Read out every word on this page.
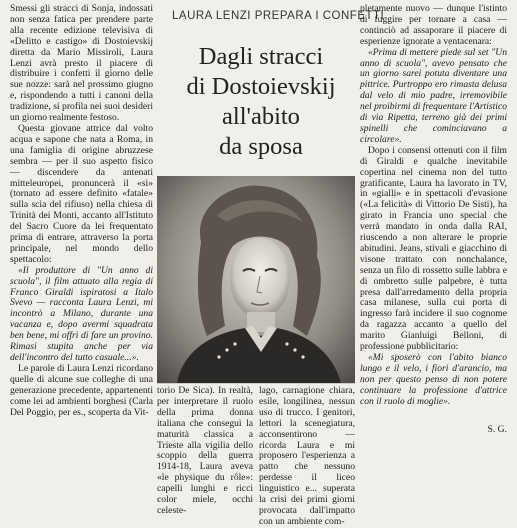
Smessi gli stracci di Sonja, indossati non senza fatica per prendere parte alla recente edizione televisiva di «Delitto e castigo» di Dostoievskij diretta da Mario Missiroli, Laura Lenzi avrà presto il piacere di distribuire i confetti il giorno delle sue nozze: sarà nel prossimo giugno e, rispondendo a tutti i canoni della tradizione, si profila nei suoi desideri un giorno realmente festoso.

Questa giovane attrice dal volto acqua e sapone che nata a Roma, in una famiglia di origine abruzzese sembra — per il suo aspetto fisico — discendere da antenati mitteleuropei, pronuncerà il «sì» (tornato ad essere definito «fatale» sulla scia del rifiuso) nella chiesa di Trinità dei Monti, accanto all'Istituto del Sacro Cuore da lei frequentato prima di entrare, attraverso la porta principale, nel mondo dello spettacolo:

«Il produttore di "Un anno di scuola", il film attuato alla regia di Franco Giraldi ispiratosi a Italo Svevo — racconta Laura Lenzi, mi incontrò a Milano, durante una vacanza e, dopo avermi squadrata ben bene, mi offrì di fare un provino. Rimasi stupita anche per via dell'incontro del tutto casuale...».

Le parole di Laura Lenzi ricordano quelle di alcune sue colleghe di una generazione precedente, appartenenti come lei ad ambienti borghesi (Carla Del Poggio, per es., scoperta da Vit-

LAURA LENZI PREPARA I CONFETTI
Dagli stracci
di Dostoievskij
all'abito
da sposa

torio De Sica). In realtà, per interpretare il ruolo della prima donna italiana che conseguì la maturità classica a Trieste alla vigilia dello scoppio della guerra 1914-18, Laura aveva «le physique du rôle»: capelli lunghi e ricci color miele, occhi celeste-

lago, carnagione chiara, esile, longilinea, nessun uso di trucco. I genitori, lettori la scenegiatura, acconsentirono — ricorda Laura e mi proposero l'esperienza a patto che nessuno perdesse il liceo linguistico e... superata la crisi dei primi giorni provocata dall'impatto con un ambiente com-

pletamente nuovo — dunque l'istinto di fuggire per tornare a casa — continciò ad assaporare il piacere di esperienze ignorate a ventacenara:

«Prima di mettere piede sul set "Un anno di scuola", avevo pensato che un giorno sarei potuta diventare una pittrice. Purtroppo ero rimasta delusa dal velo di mio padre, irremovibile nel proibirmi di frequentare l'Artistico di via Ripetta, terreno già dei primi spinelli che cominciavano a circolare».

Dopo i consensi ottenuti con il film di Giraldi e qualche inevitabile copertina nel cinema non del tutto gratificante, Laura ha lavorato in TV, in «gialli» e in spettacoli d'evasione («La felicità» di Vittorio De Sisti), ha girato in Francia uno special che verrà mandato in onda dalla RAI, riuscendo a non alterare le proprie abitudini. Jeans, stivali e giacchino di visone trattato con nonchalance, senza un filo di rossetto sulle labbra e di ombretto sulle palpebre, è tutta presa dall'arredamento della propria casa milanese, sulla cui porta di ingresso farà incidere il suo cognome da ragazza accanto a quello del marito Gianluigi Belloni, di professione pubblicitario:

«Mi sposerò con l'abito bianco lungo e il velo, i fiori d'arancio, ma non per questo penso di non potere continuare la professione d'attrice con il ruolo di moglie».

S. G.
